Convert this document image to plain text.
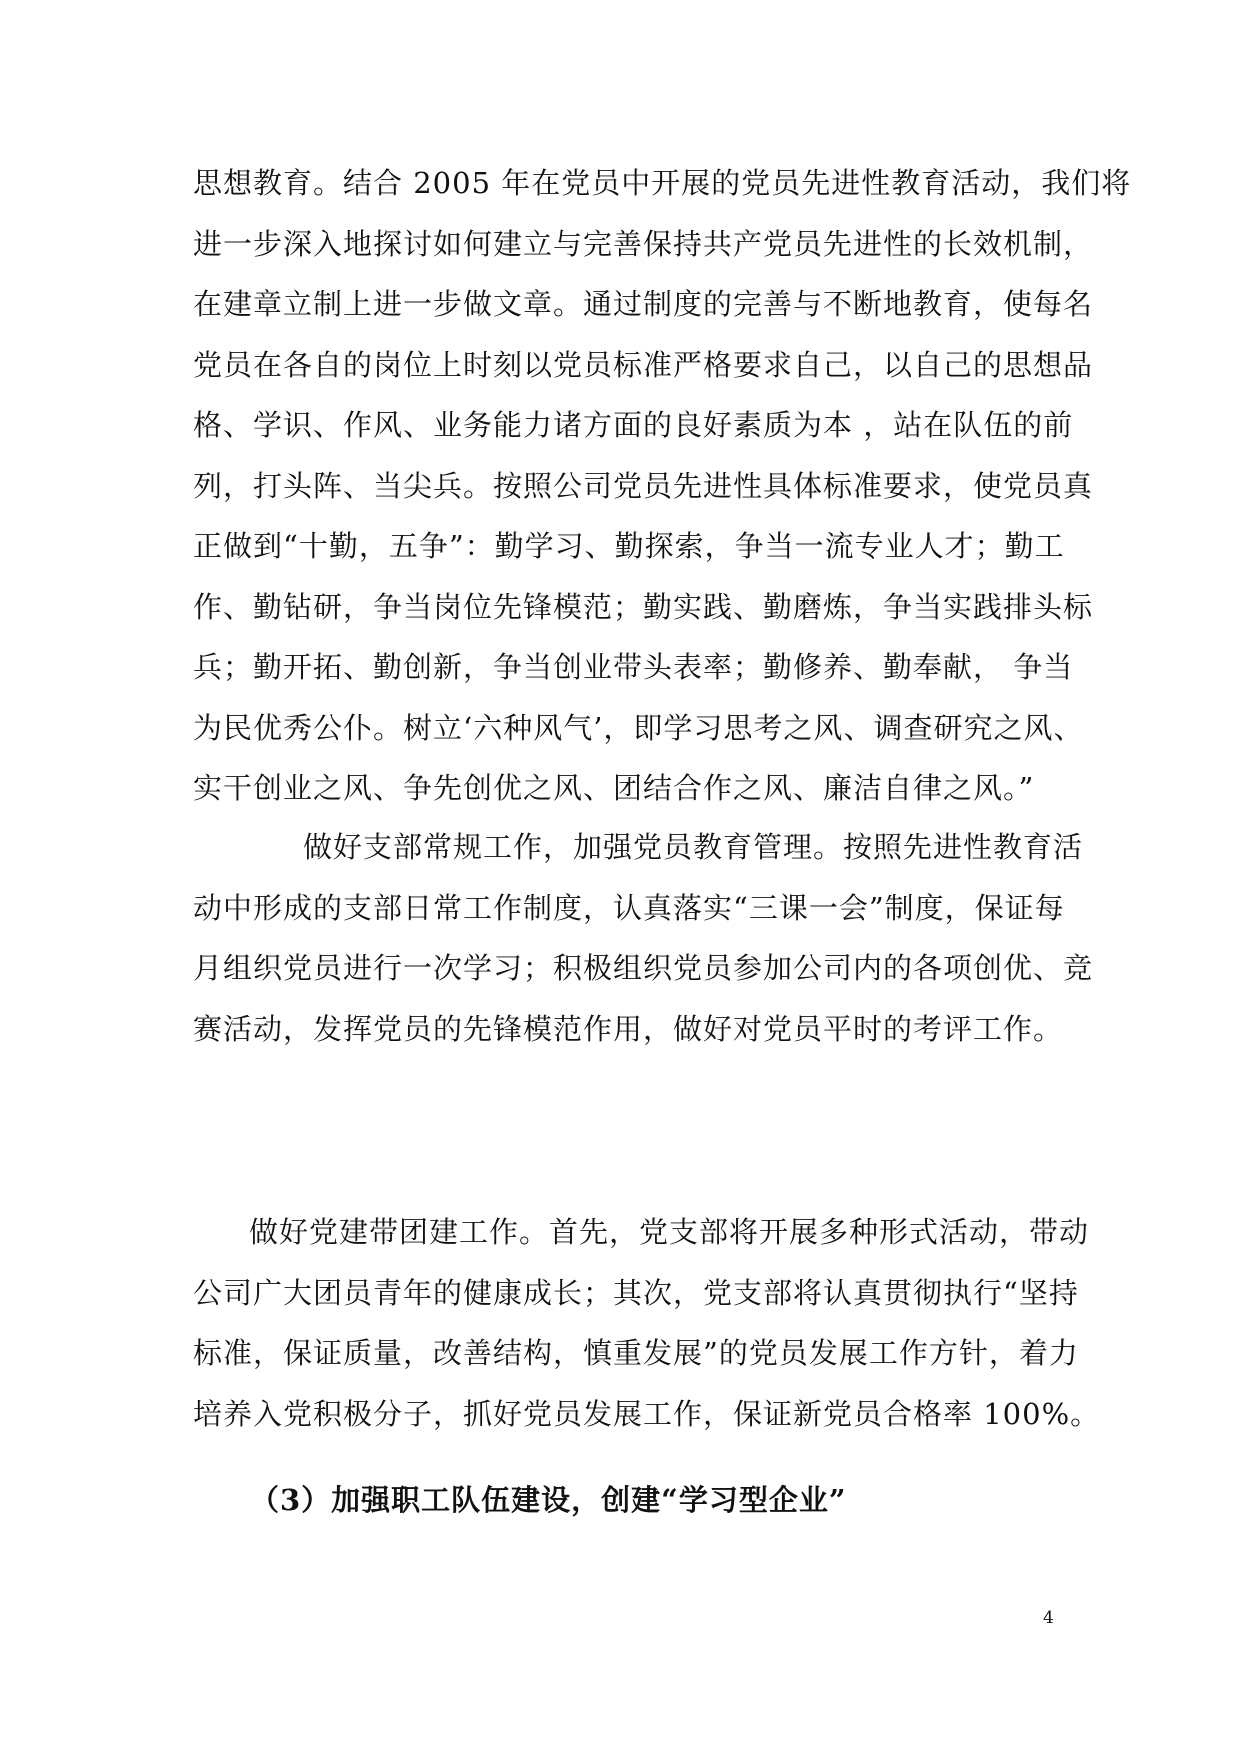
思想教育。结合 2005 年在党员中开展的党员先进性教育活动，我们将
进一步深入地探讨如何建立与完善保持共产党员先进性的长效机制，
在建章立制上进一步做文章。通过制度的完善与不断地教育，使每名
党员在各自的岗位上时刻以党员标准严格要求自己，以自己的思想品
格、学识、作风、业务能力诸方面的良好素质为本 ，站在队伍的前
列，打头阵、当尖兵。按照公司党员先进性具体标准要求，使党员真
正做到“十勤，五争”：勤学习、勤探索，争当一流专业人才；勤工
作、勤钻研，争当岗位先锋模范；勤实践、勤磨炼，争当实践排头标
兵；勤开拓、勤创新，争当创业带头表率；勤修养、勤奉献， 争当
为民优秀公仆。树立‘六种风气’，即学习思考之风、调查研究之风、
实干创业之风、争先创优之风、团结合作之风、廉洁自律之风。”
做好支部常规工作，加强党员教育管理。按照先进性教育活
动中形成的支部日常工作制度，认真落实“三课一会”制度，保证每
月组织党员进行一次学习；积极组织党员参加公司内的各项创优、竞
赛活动，发挥党员的先锋模范作用，做好对党员平时的考评工作。
做好党建带团建工作。首先，党支部将开展多种形式活动，带动
公司广大团员青年的健康成长；其次，党支部将认真贯彻执行“坚持
标准，保证质量，改善结构，慎重发展”的党员发展工作方针，着力
培养入党积极分子，抓好党员发展工作，保证新党员合格率 100%。
（3）加强职工队伍建设，创建“学习型企业”
4
